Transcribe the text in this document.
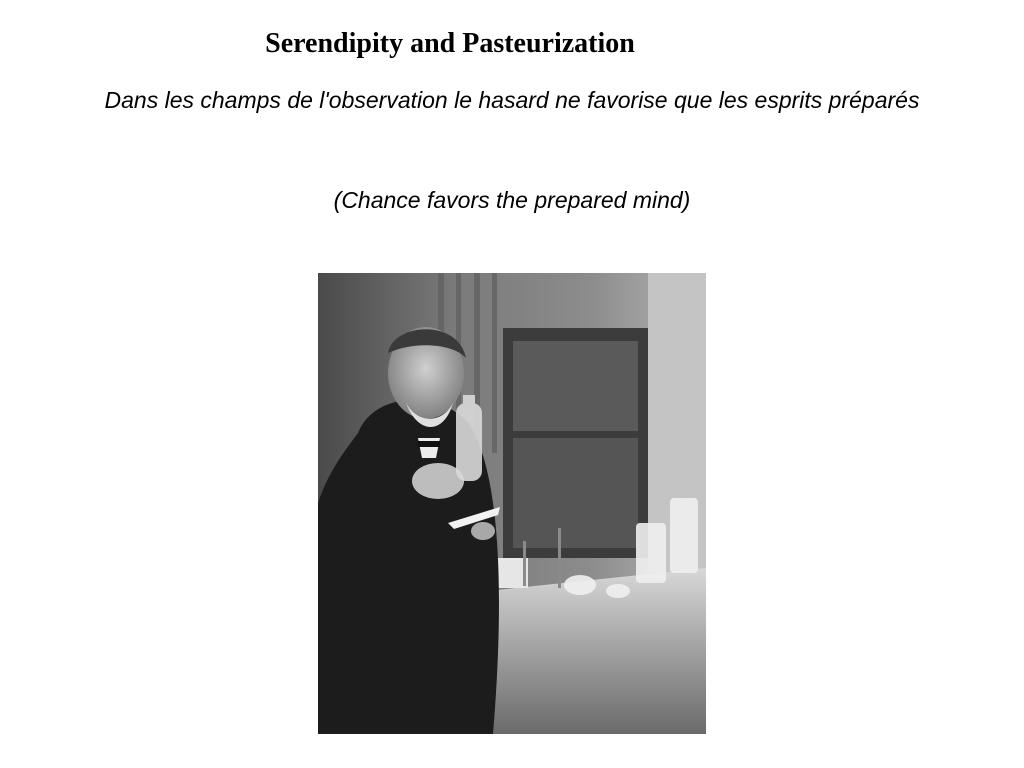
Serendipity and Pasteurization
Dans les champs de l'observation le hasard ne favorise que les esprits préparés
(Chance favors the prepared mind)
